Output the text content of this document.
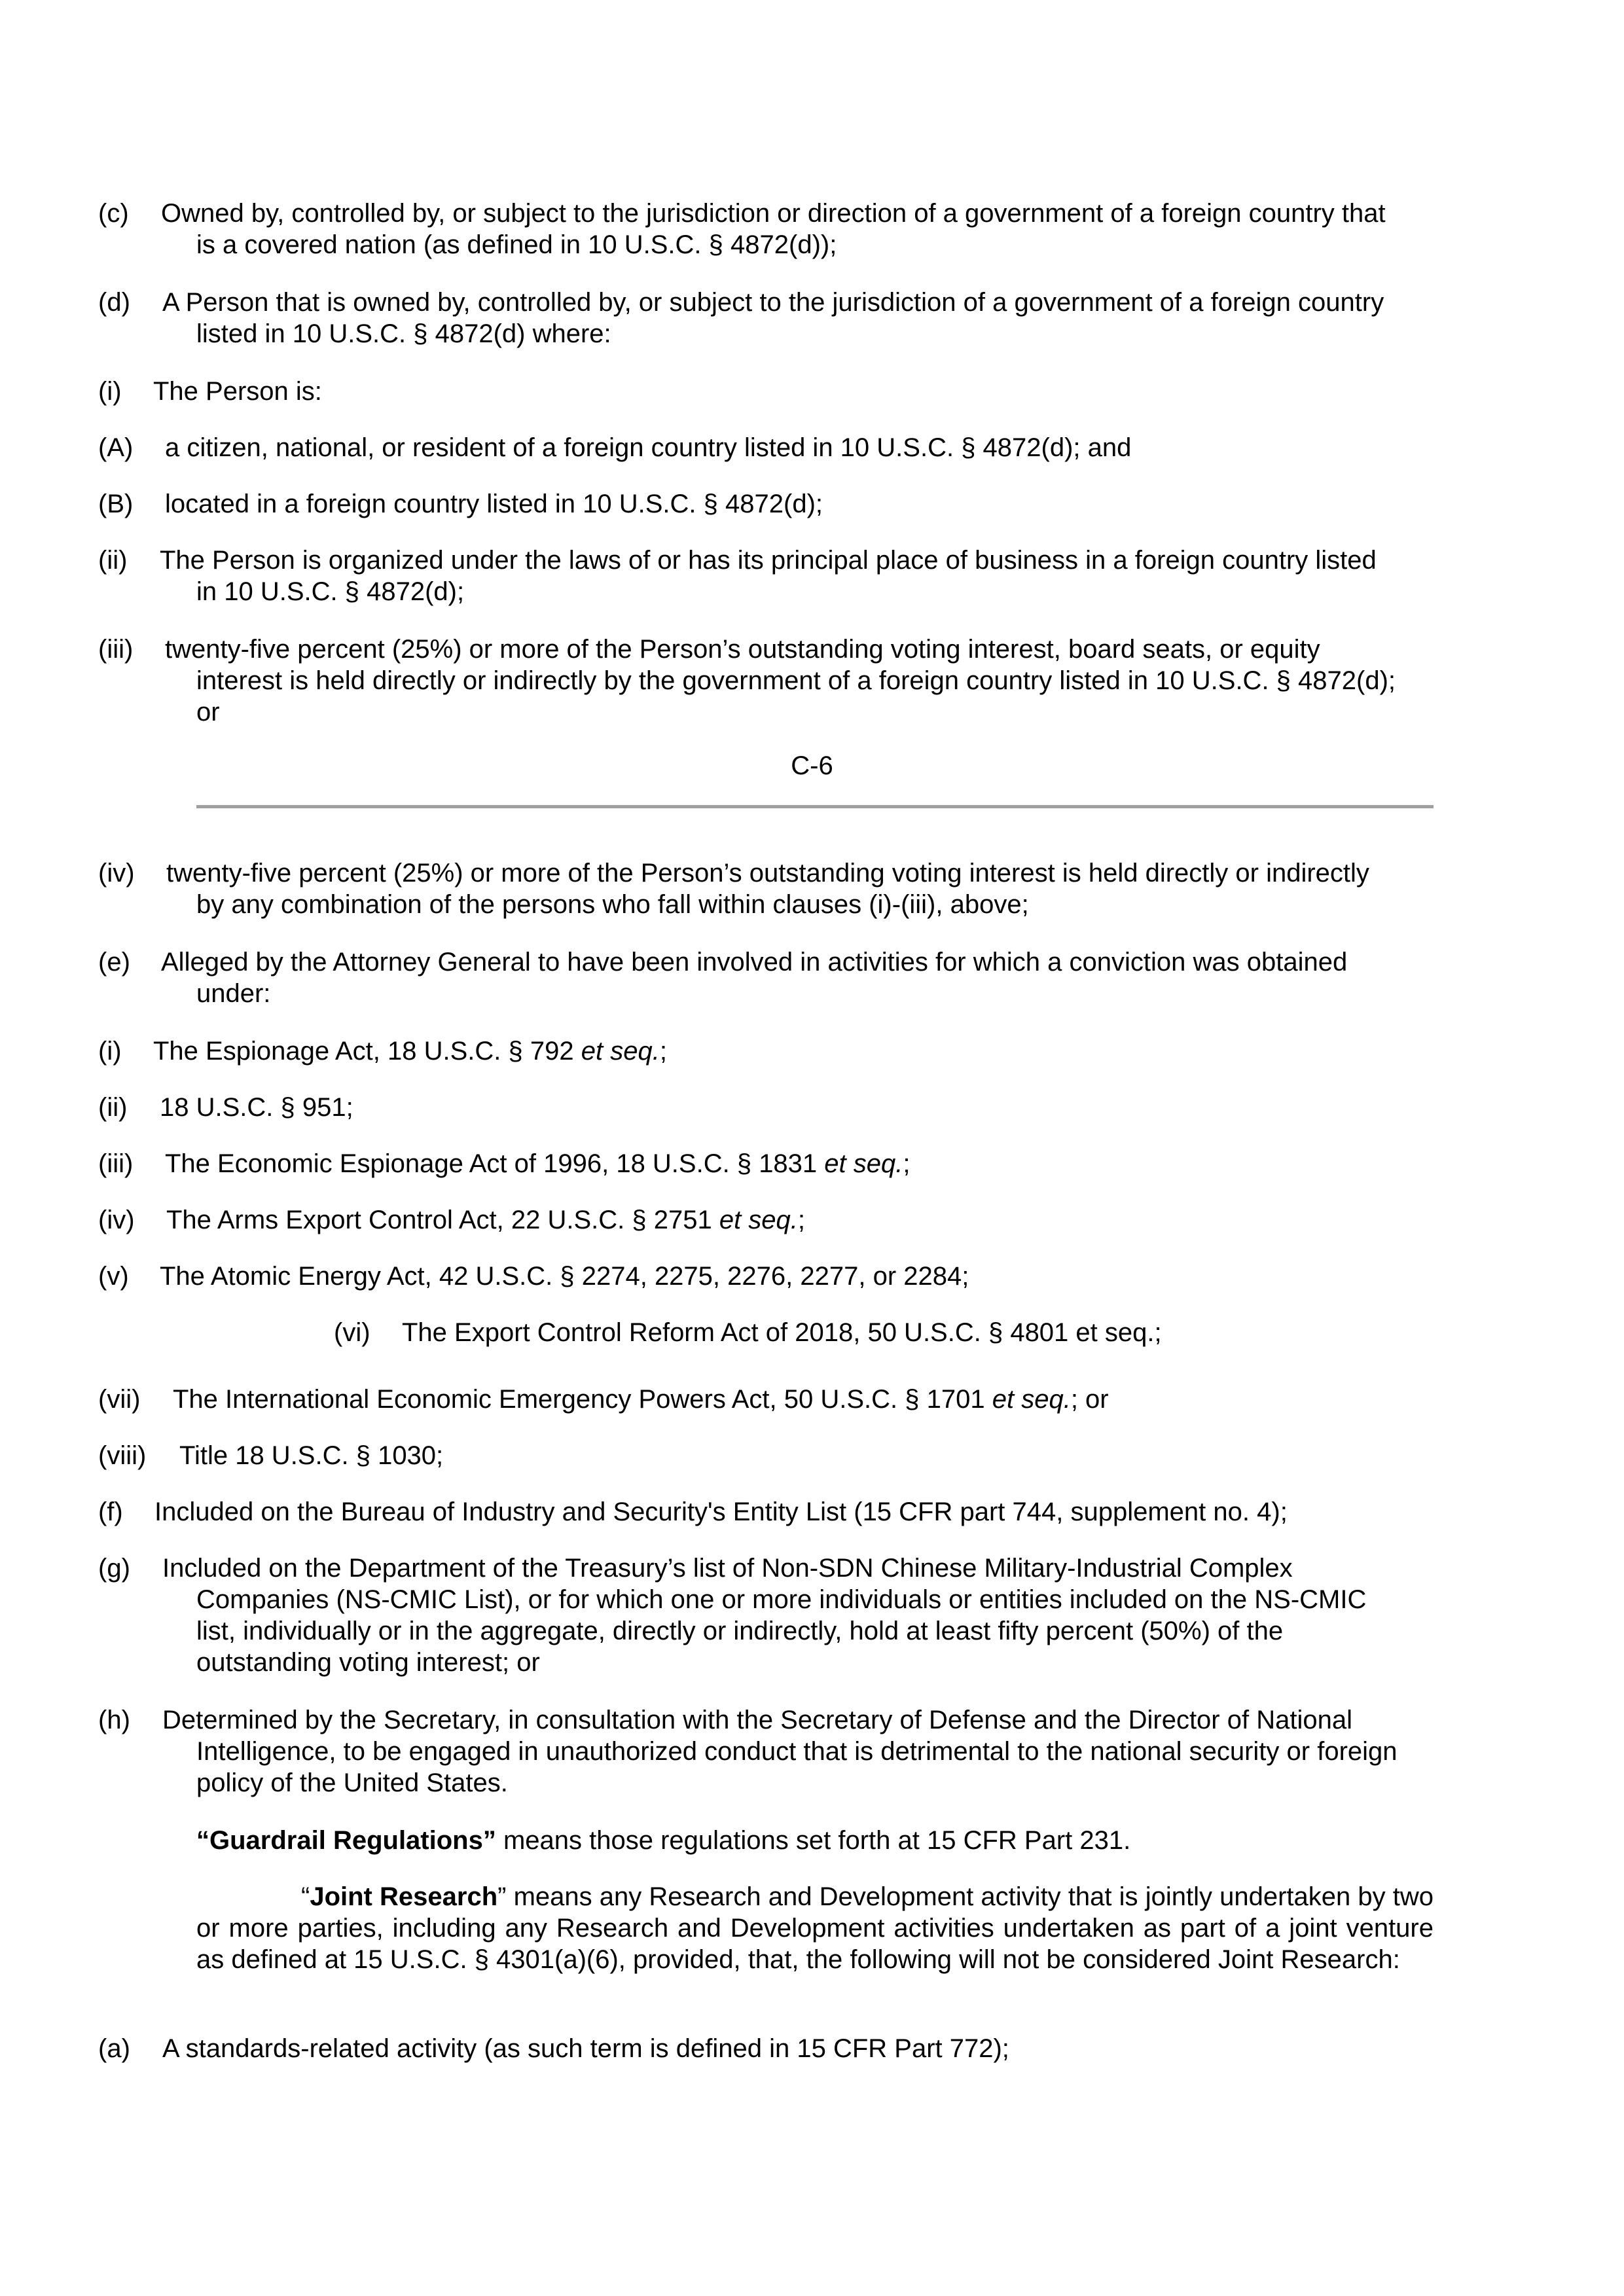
(c) Owned by, controlled by, or subject to the jurisdiction or direction of a government of a foreign country that
is a covered nation (as defined in 10 U.S.C. § 4872(d));
(d) A Person that is owned by, controlled by, or subject to the jurisdiction of a government of a foreign country
listed in 10 U.S.C. § 4872(d) where:
(i) The Person is:
(A) a citizen, national, or resident of a foreign country listed in 10 U.S.C. § 4872(d); and
(B) located in a foreign country listed in 10 U.S.C. § 4872(d);
(ii) The Person is organized under the laws of or has its principal place of business in a foreign country listed
in 10 U.S.C. § 4872(d);
(iii) twenty-five percent (25%) or more of the Person’s outstanding voting interest, board seats, or equity
interest is held directly or indirectly by the government of a foreign country listed in 10 U.S.C. § 4872(d);
or
C-6
(iv) twenty-five percent (25%) or more of the Person’s outstanding voting interest is held directly or indirectly
by any combination of the persons who fall within clauses (i)-(iii), above;
(e) Alleged by the Attorney General to have been involved in activities for which a conviction was obtained
under:
(i) The Espionage Act, 18 U.S.C. § 792 et seq.;
(ii) 18 U.S.C. § 951;
(iii) The Economic Espionage Act of 1996, 18 U.S.C. § 1831 et seq.;
(iv) The Arms Export Control Act, 22 U.S.C. § 2751 et seq.;
(v) The Atomic Energy Act, 42 U.S.C. § 2274, 2275, 2276, 2277, or 2284;
(vi) The Export Control Reform Act of 2018, 50 U.S.C. § 4801 et seq.;
(vii) The International Economic Emergency Powers Act, 50 U.S.C. § 1701 et seq.; or
(viii) Title 18 U.S.C. § 1030;
(f) Included on the Bureau of Industry and Security's Entity List (15 CFR part 744, supplement no. 4);
(g) Included on the Department of the Treasury’s list of Non-SDN Chinese Military-Industrial Complex
Companies (NS-CMIC List), or for which one or more individuals or entities included on the NS-CMIC
list, individually or in the aggregate, directly or indirectly, hold at least fifty percent (50%) of the
outstanding voting interest; or
(h) Determined by the Secretary, in consultation with the Secretary of Defense and the Director of National
Intelligence, to be engaged in unauthorized conduct that is detrimental to the national security or foreign
policy of the United States.

“Guardrail Regulations” means those regulations set forth at 15 CFR Part 231.

“Joint Research” means any Research and Development activity that is jointly undertaken by two or more parties, including any Research and Development activities undertaken as part of a joint venture as defined at 15 U.S.C. § 4301(a)(6), provided, that, the following will not be considered Joint Research:

(a) A standards-related activity (as such term is defined in 15 CFR Part 772);
